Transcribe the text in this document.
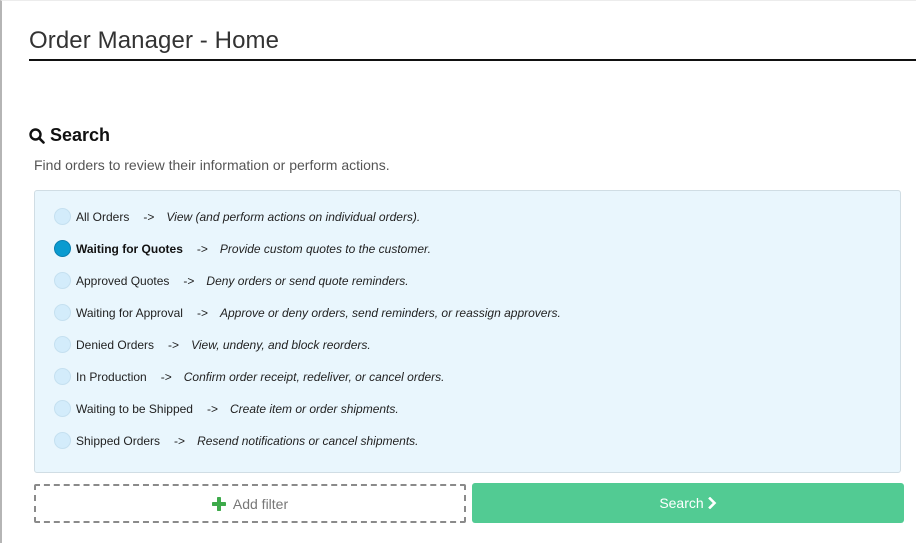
Order Manager - Home
Search

Find orders to review their information or perform actions.

All Orders -> View (and perform actions on individual orders).
Waiting for Quotes -> Provide custom quotes to the customer.
Approved Quotes -> Deny orders or send quote reminders.
Waiting for Approval -> Approve or deny orders, send reminders, or reassign approvers.
Denied Orders -> View, undeny, and block reorders.
In Production -> Confirm order receipt, redeliver, or cancel orders.
Waiting to be Shipped -> Create item or order shipments.
Shipped Orders -> Resend notifications or cancel shipments.
Add filter	Search
